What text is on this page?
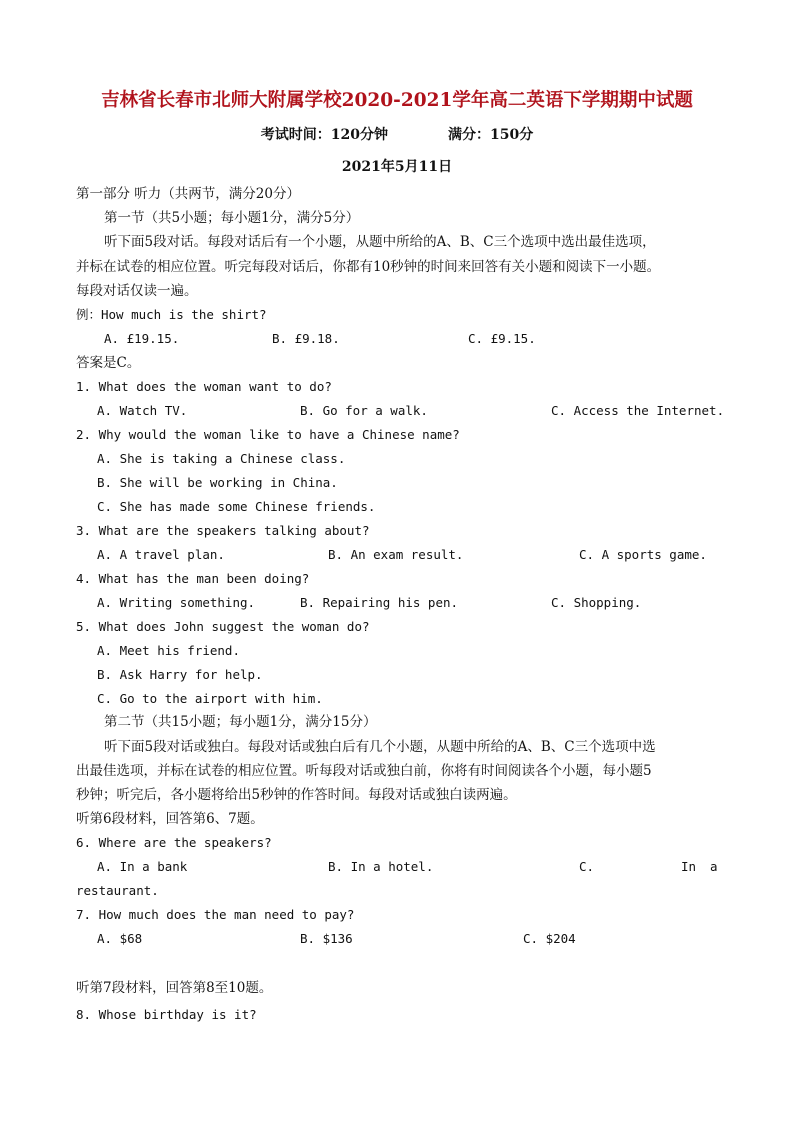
吉林省长春市北师大附属学校2020-2021学年高二英语下学期期中试题
考试时间：120分钟	满分：150分
2021年5月11日
第一部分 听力（共两节，满分20分）
第一节（共5小题；每小题1分，满分5分）
听下面5段对话。每段对话后有一个小题，从题中所给的A、B、C三个选项中选出最佳选项，
并标在试卷的相应位置。听完每段对话后，你都有10秒钟的时间来回答有关小题和阅读下一小题。
每段对话仅读一遍。
例：How much is the shirt?
A. £19.15.	B. £9.18.	C. £9.15.
答案是C。
1. What does the woman want to do?
A. Watch TV.	B. Go for a walk.	C. Access the Internet.
2. Why would the woman like to have a Chinese name?
A. She is taking a Chinese class.
B. She will be working in China.
C. She has made some Chinese friends.
3. What are the speakers talking about?
A. A travel plan.	B. An exam result.	C. A sports game.
4. What has the man been doing?
A. Writing something.	B. Repairing his pen.	C. Shopping.
5. What does John suggest the woman do?
A. Meet his friend.
B. Ask Harry for help.
C. Go to the airport with him.
第二节（共15小题；每小题1分，满分15分）
听下面5段对话或独白。每段对话或独白后有几个小题，从题中所给的A、B、C三个选项中选
出最佳选项，并标在试卷的相应位置。听每段对话或独白前，你将有时间阅读各个小题，每小题5
秒钟；听完后，各小题将给出5秒钟的作答时间。每段对话或独白读两遍。
听第6段材料，回答第6、7题。
6. Where are the speakers?
A. In a bank	B. In a hotel.	C.	In a
restaurant.
7. How much does the man need to pay?
A. $68	B. $136	C. $204
听第7段材料，回答第8至10题。
8. Whose birthday is it?
